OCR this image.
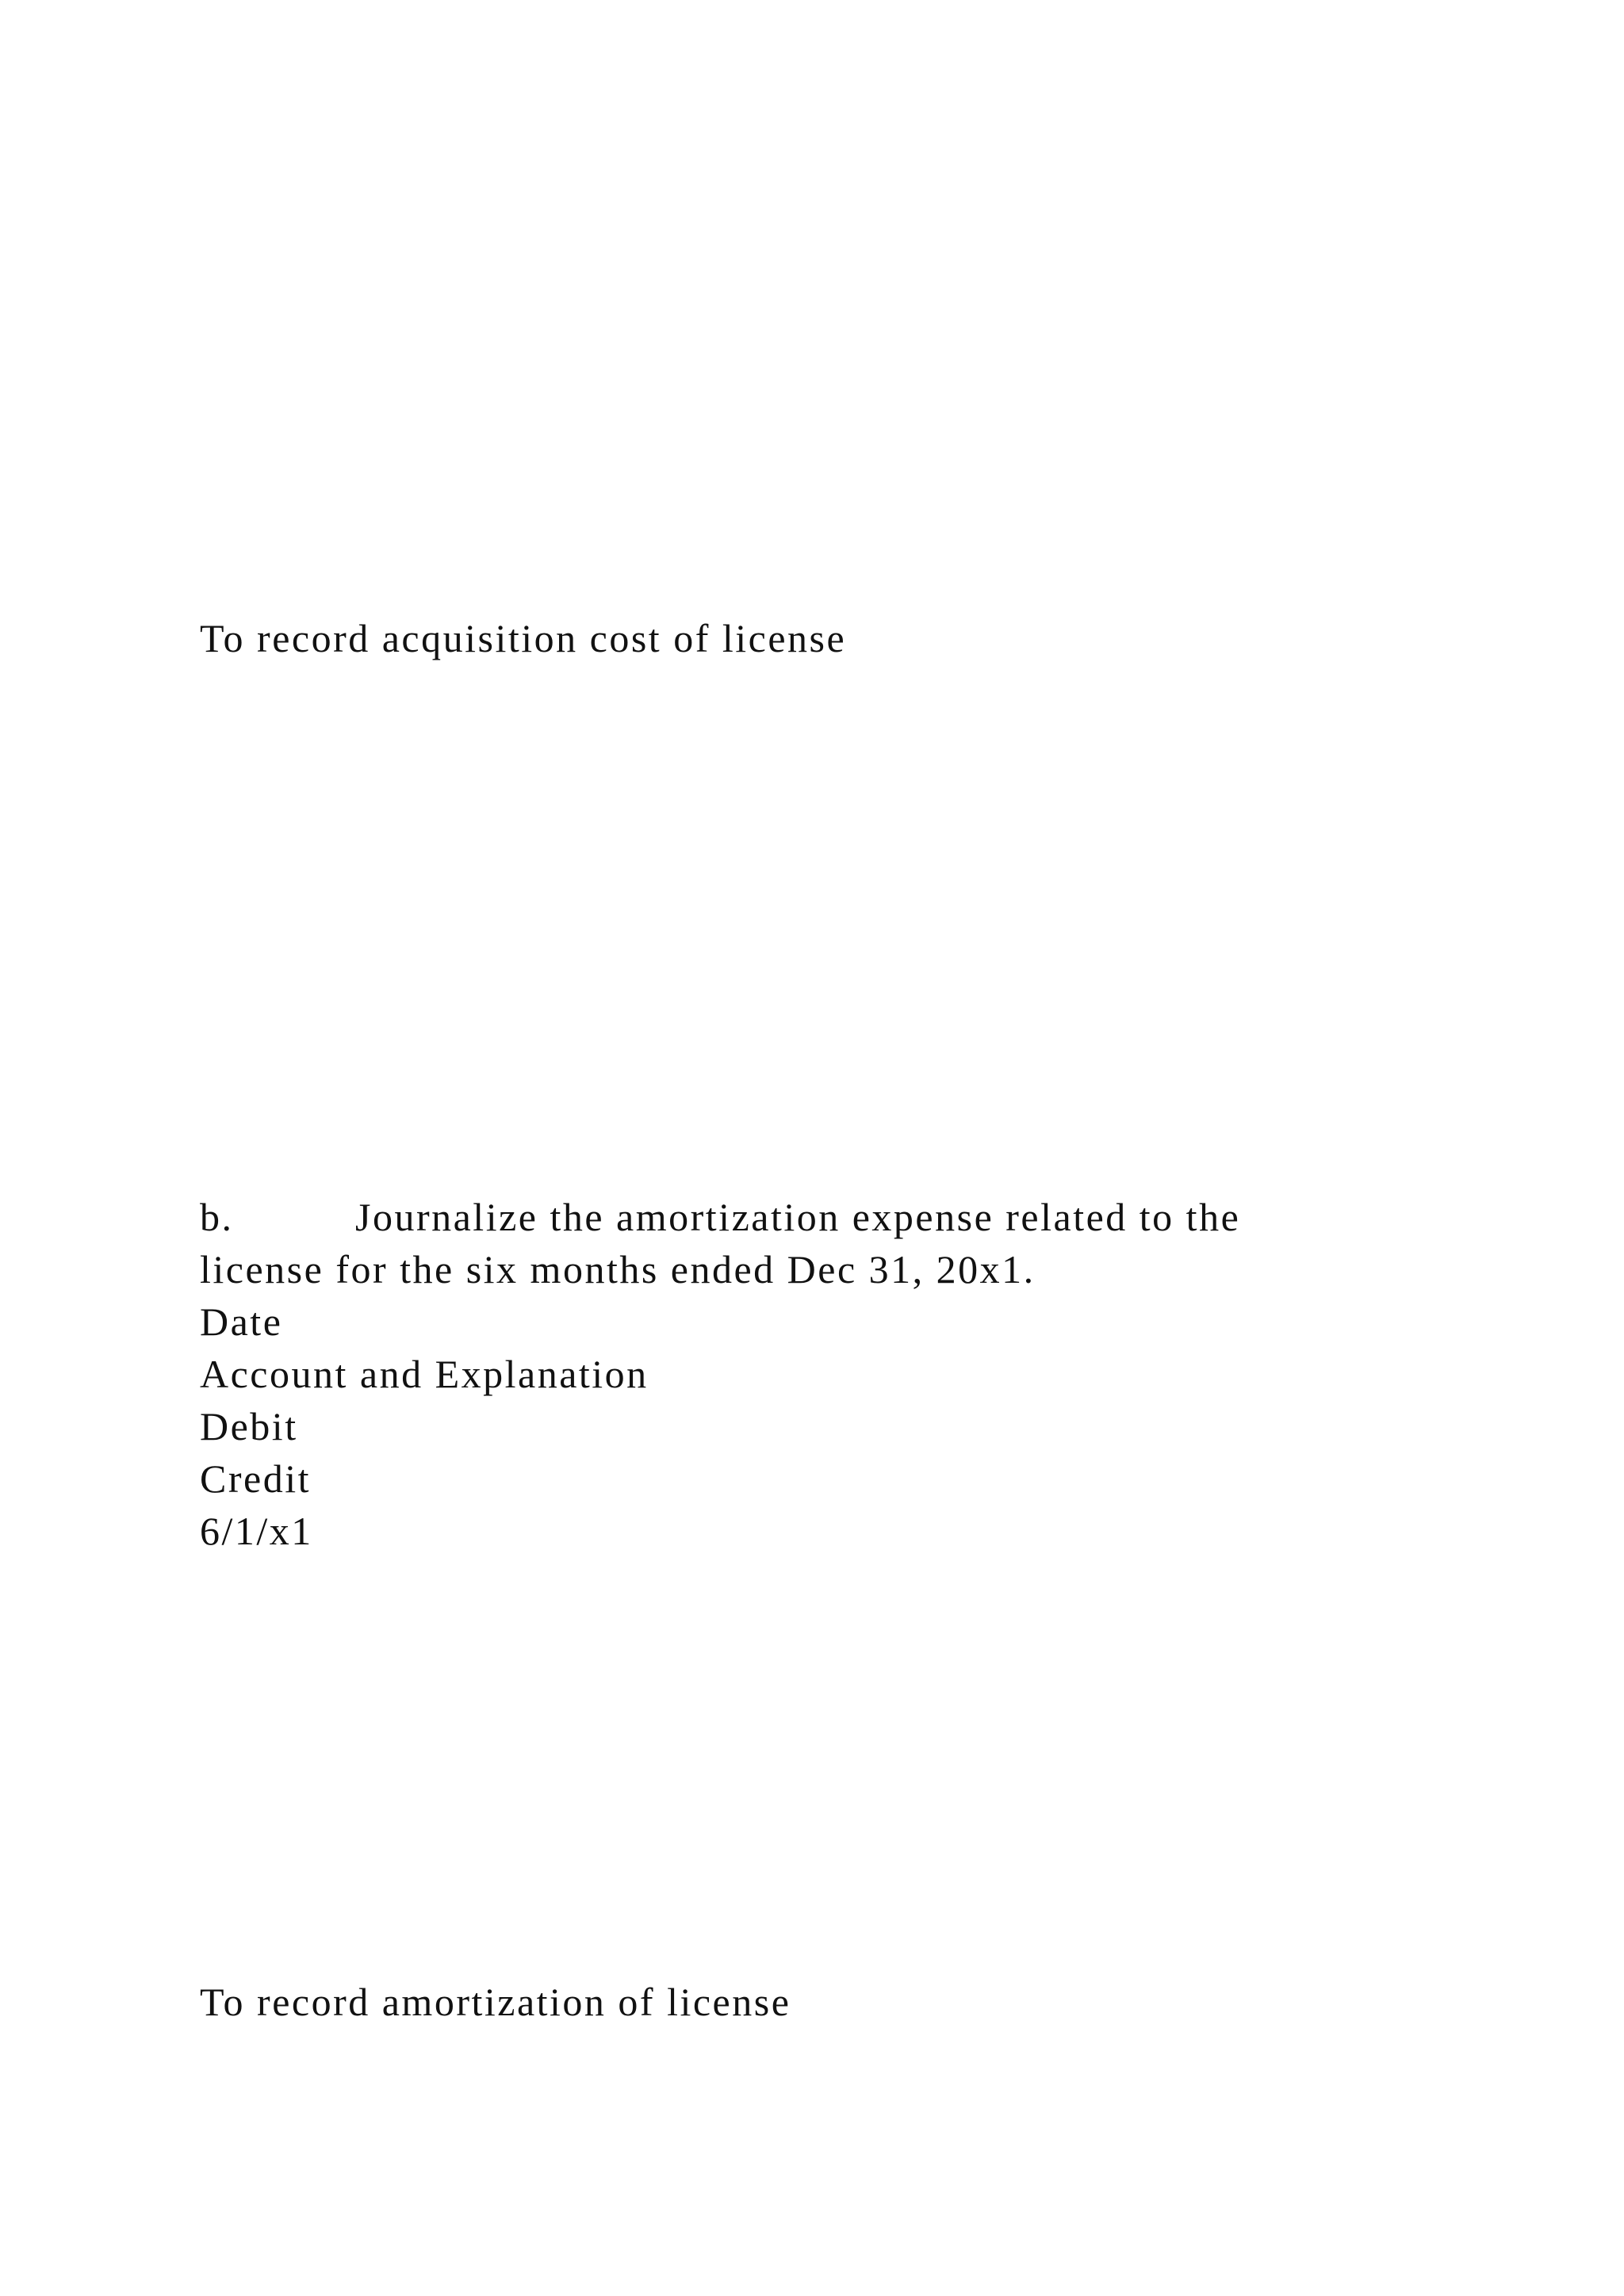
To record acquisition cost of license
b.	Journalize the amortization expense related to the
license for the six months ended Dec 31, 20x1.
Date
Account and Explanation
Debit
Credit
6/1/x1
To record amortization of license
